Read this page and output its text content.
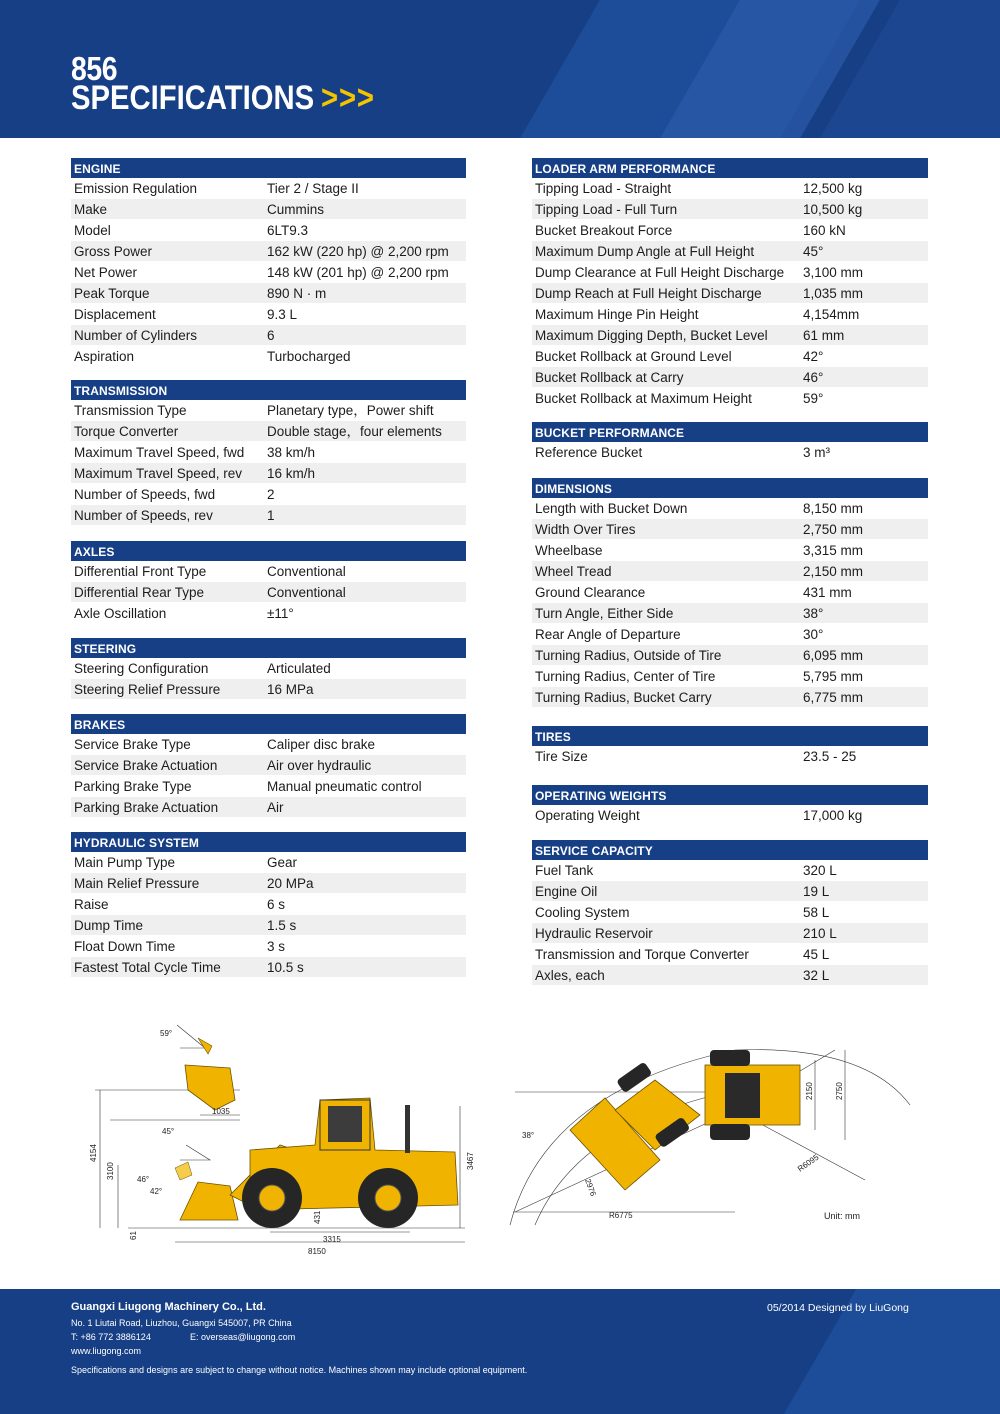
856
SPECIFICATIONS >>>
ENGINE
Emission Regulation	Tier 2 / Stage II
Make	Cummins
Model	6LT9.3
Gross Power	162 kW (220 hp) @ 2,200 rpm
Net Power	148 kW (201 hp) @ 2,200 rpm
Peak Torque	890 N · m
Displacement	9.3 L
Number of Cylinders	6
Aspiration	Turbocharged
TRANSMISSION
Transmission Type	Planetary type，Power shift
Torque Converter	Double stage，four elements
Maximum Travel Speed, fwd	38 km/h
Maximum Travel Speed, rev	16 km/h
Number of Speeds, fwd	2
Number of Speeds, rev	1
AXLES
Differential Front Type	Conventional
Differential Rear Type	Conventional
Axle Oscillation	±11°
STEERING
Steering Configuration	Articulated
Steering Relief Pressure	16 MPa
BRAKES
Service Brake Type	Caliper disc brake
Service Brake Actuation	Air over hydraulic
Parking Brake Type	Manual pneumatic control
Parking Brake Actuation	Air
HYDRAULIC SYSTEM
Main Pump Type	Gear
Main Relief Pressure	20 MPa
Raise	6 s
Dump Time	1.5 s
Float Down Time	3 s
Fastest Total Cycle Time	10.5 s
LOADER ARM PERFORMANCE
Tipping Load - Straight	12,500 kg
Tipping Load - Full Turn	10,500 kg
Bucket Breakout Force	160 kN
Maximum Dump Angle at Full Height	45°
Dump Clearance at Full Height Discharge	3,100 mm
Dump Reach at Full Height Discharge	1,035 mm
Maximum Hinge Pin Height	4,154mm
Maximum Digging Depth, Bucket Level	61 mm
Bucket Rollback at Ground Level	42°
Bucket Rollback at Carry	46°
Bucket Rollback at Maximum Height	59°
BUCKET PERFORMANCE
Reference Bucket	3 m³
DIMENSIONS
Length with Bucket Down	8,150 mm
Width Over Tires	2,750 mm
Wheelbase	3,315 mm
Wheel Tread	2,150 mm
Ground Clearance	431 mm
Turn Angle, Either Side	38°
Rear Angle of Departure	30°
Turning Radius, Outside of Tire	6,095 mm
Turning Radius, Center of Tire	5,795 mm
Turning Radius, Bucket Carry	6,775 mm
TIRES
Tire Size	23.5 - 25
OPERATING WEIGHTS
Operating Weight	17,000 kg
SERVICE CAPACITY
Fuel Tank	320 L
Engine Oil	19 L
Cooling System	58 L
Hydraulic Reservoir	210 L
Transmission and Torque Converter	45 L
Axles, each	32 L
59°
45°
46°
42°
1035
4154
3100
3467
431
61	3315
8150
38°
2976
2150	2750
R6095
R6775	Unit: mm
Guangxi Liugong Machinery Co., Ltd.
No. 1 Liutai Road, Liuzhou, Guangxi 545007, PR China
T: +86 772 3886124	E: overseas@liugong.com
www.liugong.com
Specifications and designs are subject to change without notice. Machines shown may include optional equipment.
05/2014 Designed by LiuGong
